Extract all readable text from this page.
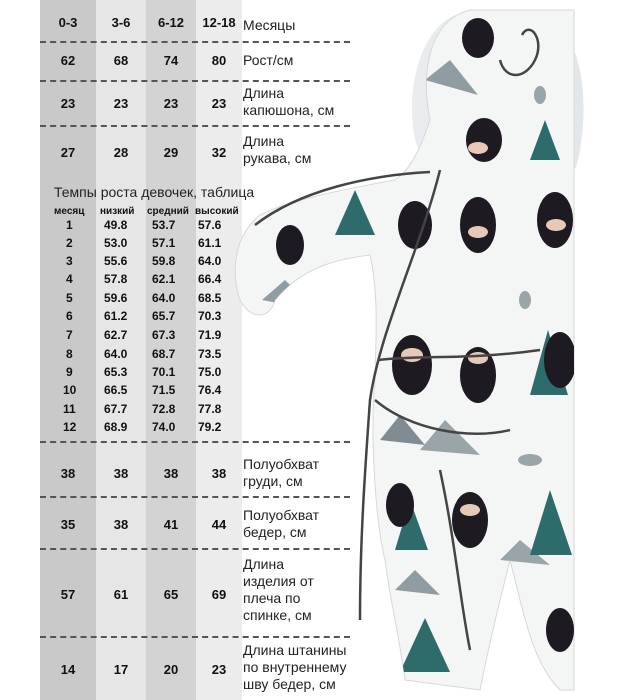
0-3	3-6	6-12	12-18 Месяцы
62	68	74	80	Рост/см
23	23	23	23
Длина
капюшона, см
27	28	29	32
Длина
рукава, см
Темпы роста девочек, таблица
месяц низкий средний высокий
1	49.8 53.7 57.6
2	53.0 57.1 61.1
3	55.6 59.8 64.0
4	57.8 62.1 66.4
5	59.6 64.0 68.5
6	61.2 65.7 70.3
7	62.7 67.3 71.9
8	64.0 68.7 73.5
9	65.3 70.1 75.0
10 66.5 71.5 76.4
11 67.7 72.8 77.8
12 68.9 74.0 79.2
38	38	38	38
Полуобхват
груди, см
35	38	41	44
Полуобхват
бедер, см
57	61	65	69
Длина
изделия от
плеча по
спинке, см
14	17	20	23
Длина штанины
по внутреннему
шву бедер, см
